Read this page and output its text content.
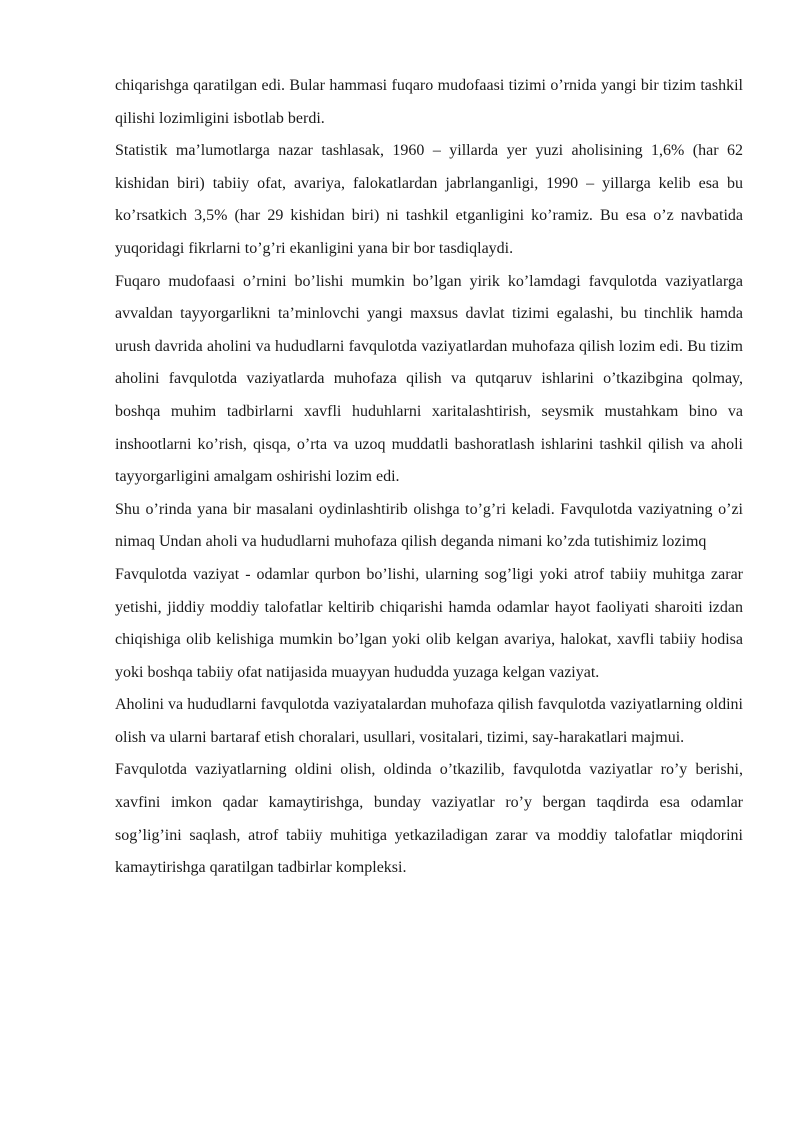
chiqarishga qaratilgan edi. Bular hammasi fuqaro mudofaasi tizimi o’rnida yangi bir tizim tashkil qilishi lozimligini isbotlab berdi.

Statistik ma’lumotlarga nazar tashlasak, 1960 – yillarda yer yuzi aholisining 1,6% (har 62 kishidan biri) tabiiy ofat, avariya, falokatlardan jabrlanganligi, 1990 – yillarga kelib esa bu ko’rsatkich 3,5% (har 29 kishidan biri) ni tashkil etganligini ko’ramiz. Bu esa o’z navbatida yuqoridagi fikrlarni to’g’ri ekanligini yana bir bor tasdiqlaydi.

Fuqaro mudofaasi o’rnini bo’lishi mumkin bo’lgan yirik ko’lamdagi favqulotda vaziyatlarga avvaldan tayyorgarlikni ta’minlovchi yangi maxsus davlat tizimi egalashi, bu tinchlik hamda urush davrida aholini va hududlarni favqulotda vaziyatlardan muhofaza qilish lozim edi. Bu tizim aholini favqulotda vaziyatlarda muhofaza qilish va qutqaruv ishlarini o’tkazibgina qolmay, boshqa muhim tadbirlarni xavfli huduhlarni xaritalashtirish, seysmik mustahkam bino va inshootlarni ko’rish, qisqa, o’rta va uzoq muddatli bashoratlash ishlarini tashkil qilish va aholi tayyorgarligini amalgam oshirishi lozim edi.

Shu o’rinda yana bir masalani oydinlashtirib olishga to’g’ri keladi. Favqulotda vaziyatning o’zi nimaq Undan aholi va hududlarni muhofaza qilish deganda nimani ko’zda tutishimiz lozimq

Favqulotda vaziyat - odamlar qurbon bo’lishi, ularning sog’ligi yoki atrof tabiiy muhitga zarar yetishi, jiddiy moddiy talofatlar keltirib chiqarishi hamda odamlar hayot faoliyati sharoiti izdan chiqishiga olib kelishiga mumkin bo’lgan yoki olib kelgan avariya, halokat, xavfli tabiiy hodisa yoki boshqa tabiiy ofat natijasida muayyan hududda yuzaga kelgan vaziyat.

Aholini va hududlarni favqulotda vaziyatalardan muhofaza qilish favqulotda vaziyatlarning oldini olish va ularni bartaraf etish choralari, usullari, vositalari, tizimi, say-harakatlari majmui.

Favqulotda vaziyatlarning oldini olish, oldinda o’tkazilib, favqulotda vaziyatlar ro’y berishi, xavfini imkon qadar kamaytirishga, bunday vaziyatlar ro’y bergan taqdirda esa odamlar sog’lig’ini saqlash, atrof tabiiy muhitiga yetkaziladigan zarar va moddiy talofatlar miqdorini kamaytirishga qaratilgan tadbirlar kompleksi.
